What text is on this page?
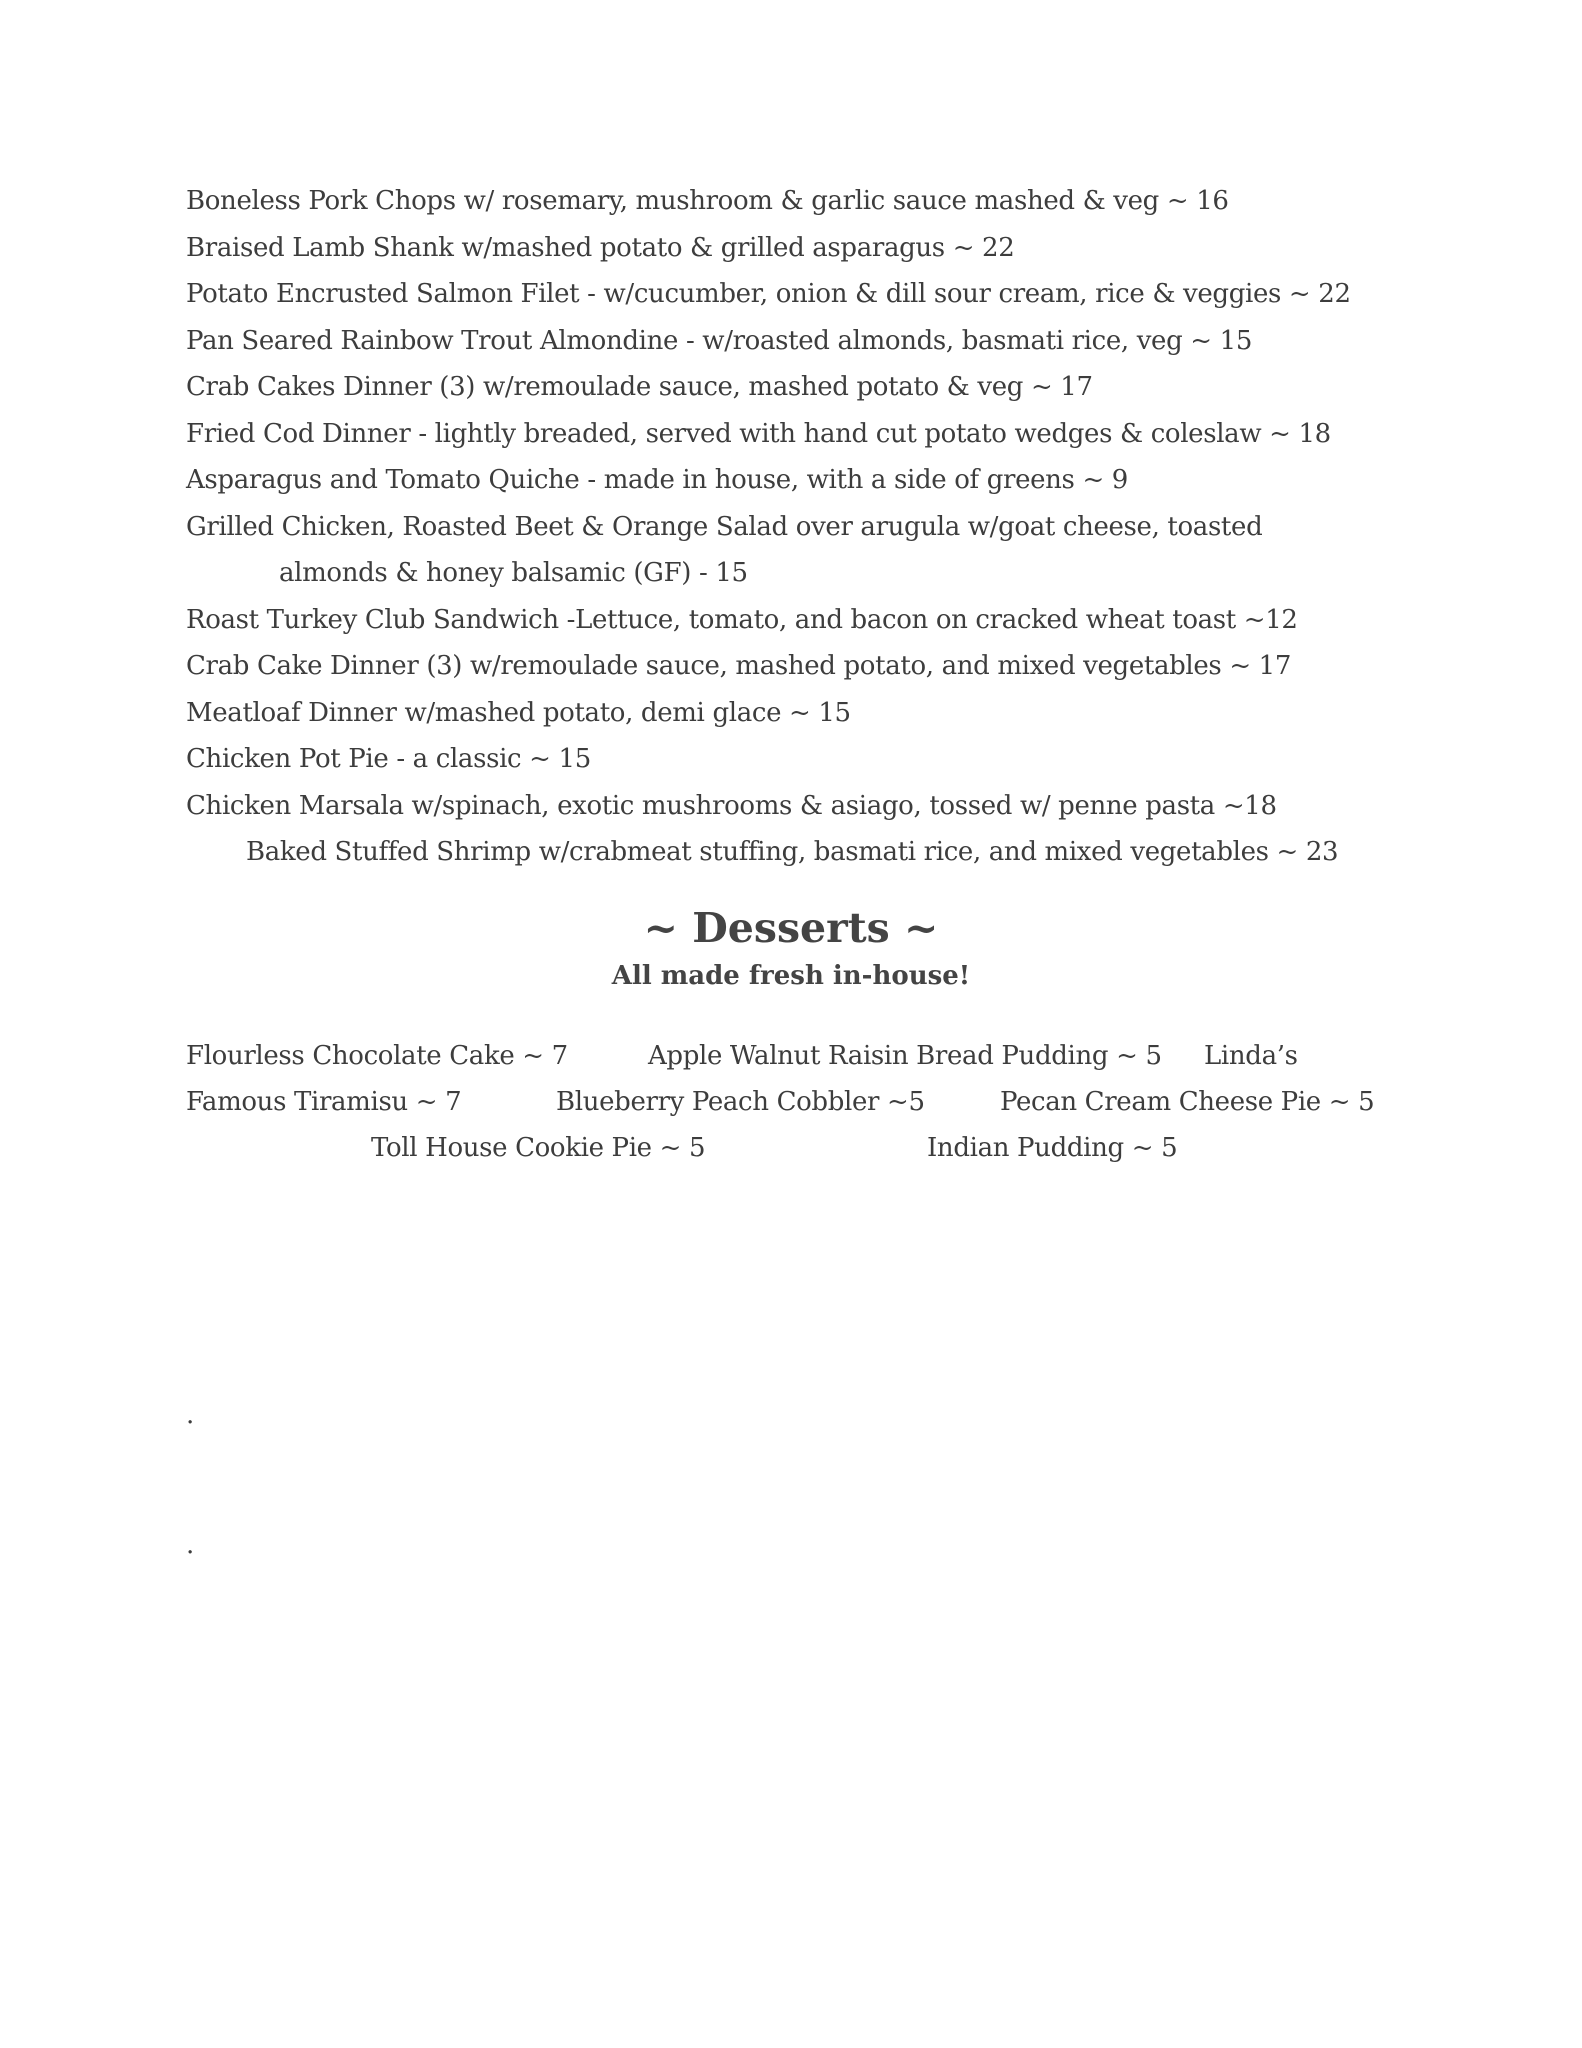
Boneless Pork Chops w/ rosemary, mushroom & garlic sauce mashed & veg ~ 16
Braised Lamb Shank w/mashed potato & grilled asparagus ~ 22
Potato Encrusted Salmon Filet - w/cucumber, onion & dill sour cream, rice & veggies ~ 22
Pan Seared Rainbow Trout Almondine - w/roasted almonds, basmati rice, veg ~ 15
Crab Cakes Dinner (3) w/remoulade sauce, mashed potato & veg ~ 17
Fried Cod Dinner - lightly breaded, served with hand cut potato wedges & coleslaw ~ 18
Asparagus and Tomato Quiche - made in house, with a side of greens ~ 9
Grilled Chicken, Roasted Beet & Orange Salad over arugula w/goat cheese, toasted
almonds & honey balsamic (GF) - 15
Roast Turkey Club Sandwich -Lettuce, tomato, and bacon on cracked wheat toast ~12
Crab Cake Dinner (3) w/remoulade sauce, mashed potato, and mixed vegetables ~ 17
Meatloaf Dinner w/mashed potato, demi glace ~ 15
Chicken Pot Pie - a classic ~ 15
Chicken Marsala w/spinach, exotic mushrooms & asiago, tossed w/ penne pasta ~18
Baked Stuffed Shrimp w/crabmeat stuffing, basmati rice, and mixed vegetables ~ 23
~ Desserts ~
All made fresh in-house!
Flourless Chocolate Cake ~ 7	Apple Walnut Raisin Bread Pudding ~ 5 Linda’s
Famous Tiramisu ~ 7	Blueberry Peach Cobbler ~5	Pecan Cream Cheese Pie ~ 5
Toll House Cookie Pie ~ 5	Indian Pudding ~ 5
.
.
